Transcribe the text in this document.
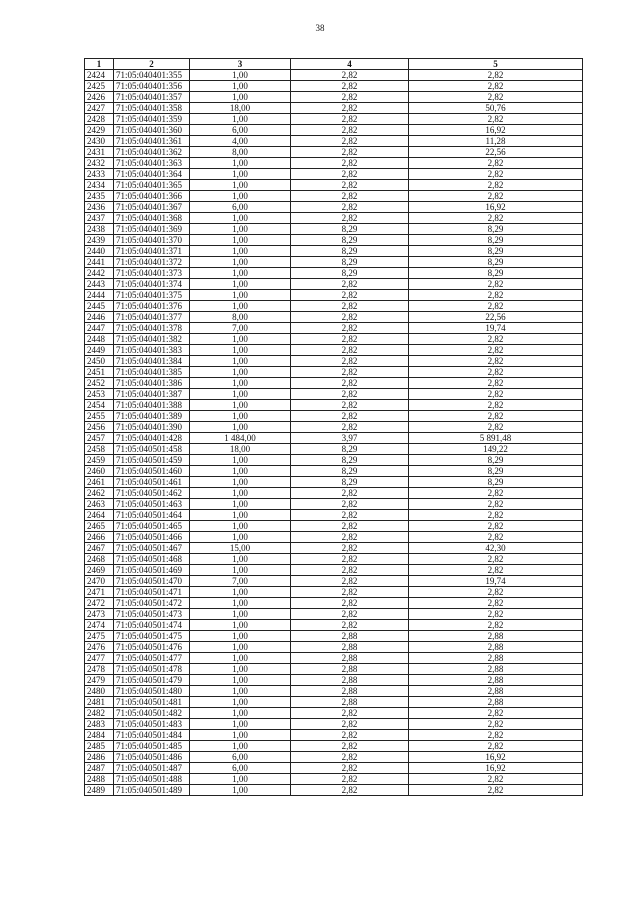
38
1	2	3	4	5
2424	71:05:040401:355	1,00	2,82	2,82
2425	71:05:040401:356	1,00	2,82	2,82
2426	71:05:040401:357	1,00	2,82	2,82
2427	71:05:040401:358	18,00	2,82	50,76
2428	71:05:040401:359	1,00	2,82	2,82
2429	71:05:040401:360	6,00	2,82	16,92
2430	71:05:040401:361	4,00	2,82	11,28
2431	71:05:040401:362	8,00	2,82	22,56
2432	71:05:040401:363	1,00	2,82	2,82
2433	71:05:040401:364	1,00	2,82	2,82
2434	71:05:040401:365	1,00	2,82	2,82
2435	71:05:040401:366	1,00	2,82	2,82
2436	71:05:040401:367	6,00	2,82	16,92
2437	71:05:040401:368	1,00	2,82	2,82
2438	71:05:040401:369	1,00	8,29	8,29
2439	71:05:040401:370	1,00	8,29	8,29
2440	71:05:040401:371	1,00	8,29	8,29
2441	71:05:040401:372	1,00	8,29	8,29
2442	71:05:040401:373	1,00	8,29	8,29
2443	71:05:040401:374	1,00	2,82	2,82
2444	71:05:040401:375	1,00	2,82	2,82
2445	71:05:040401:376	1,00	2,82	2,82
2446	71:05:040401:377	8,00	2,82	22,56
2447	71:05:040401:378	7,00	2,82	19,74
2448	71:05:040401:382	1,00	2,82	2,82
2449	71:05:040401:383	1,00	2,82	2,82
2450	71:05:040401:384	1,00	2,82	2,82
2451	71:05:040401:385	1,00	2,82	2,82
2452	71:05:040401:386	1,00	2,82	2,82
2453	71:05:040401:387	1,00	2,82	2,82
2454	71:05:040401:388	1,00	2,82	2,82
2455	71:05:040401:389	1,00	2,82	2,82
2456	71:05:040401:390	1,00	2,82	2,82
2457	71:05:040401:428	1 484,00	3,97	5 891,48
2458	71:05:040501:458	18,00	8,29	149,22
2459	71:05:040501:459	1,00	8,29	8,29
2460	71:05:040501:460	1,00	8,29	8,29
2461	71:05:040501:461	1,00	8,29	8,29
2462	71:05:040501:462	1,00	2,82	2,82
2463	71:05:040501:463	1,00	2,82	2,82
2464	71:05:040501:464	1,00	2,82	2,82
2465	71:05:040501:465	1,00	2,82	2,82
2466	71:05:040501:466	1,00	2,82	2,82
2467	71:05:040501:467	15,00	2,82	42,30
2468	71:05:040501:468	1,00	2,82	2,82
2469	71:05:040501:469	1,00	2,82	2,82
2470	71:05:040501:470	7,00	2,82	19,74
2471	71:05:040501:471	1,00	2,82	2,82
2472	71:05:040501:472	1,00	2,82	2,82
2473	71:05:040501:473	1,00	2,82	2,82
2474	71:05:040501:474	1,00	2,82	2,82
2475	71:05:040501:475	1,00	2,88	2,88
2476	71:05:040501:476	1,00	2,88	2,88
2477	71:05:040501:477	1,00	2,88	2,88
2478	71:05:040501:478	1,00	2,88	2,88
2479	71:05:040501:479	1,00	2,88	2,88
2480	71:05:040501:480	1,00	2,88	2,88
2481	71:05:040501:481	1,00	2,88	2,88
2482	71:05:040501:482	1,00	2,82	2,82
2483	71:05:040501:483	1,00	2,82	2,82
2484	71:05:040501:484	1,00	2,82	2,82
2485	71:05:040501:485	1,00	2,82	2,82
2486	71:05:040501:486	6,00	2,82	16,92
2487	71:05:040501:487	6,00	2,82	16,92
2488	71:05:040501:488	1,00	2,82	2,82
2489	71:05:040501:489	1,00	2,82	2,82
